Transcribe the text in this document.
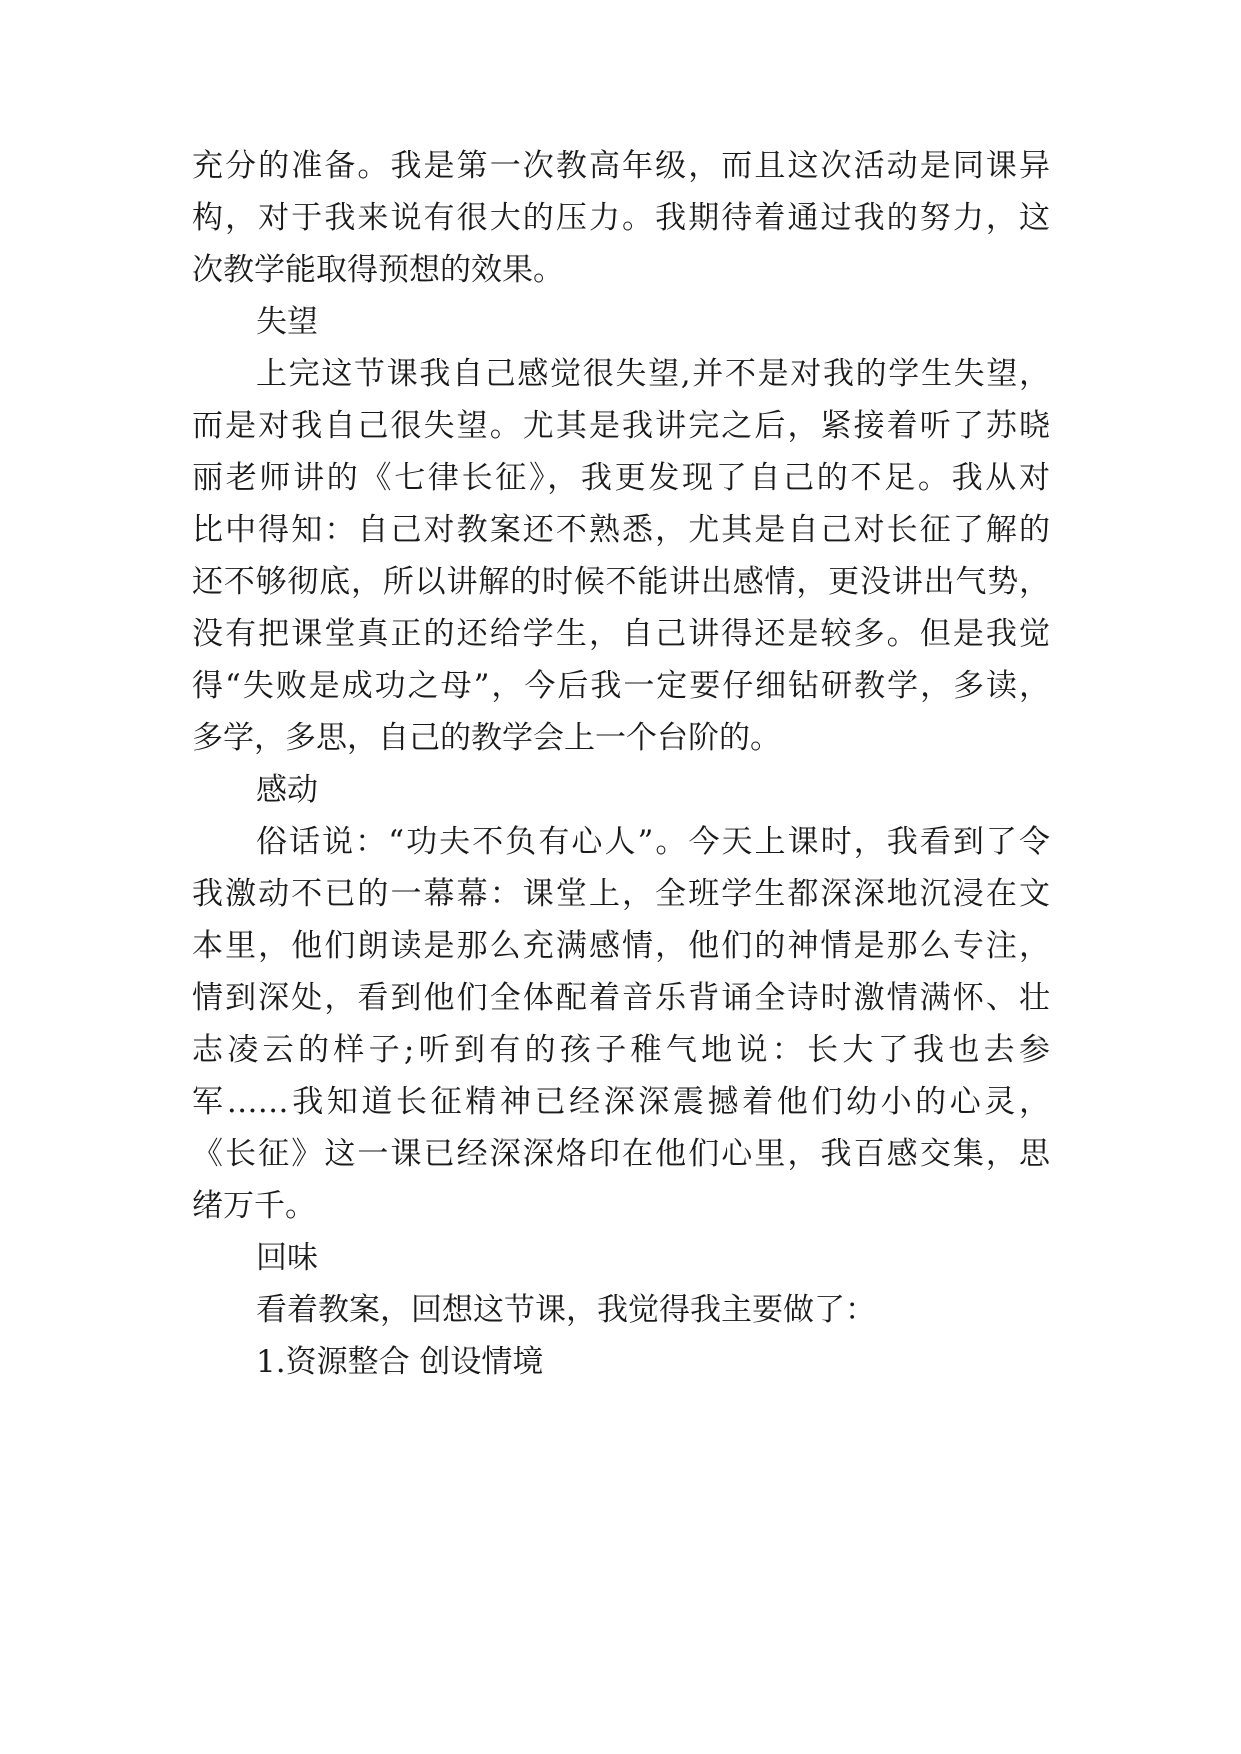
充分的准备。我是第一次教高年级，而且这次活动是同课异
构，对于我来说有很大的压力。我期待着通过我的努力，这
次教学能取得预想的效果。
失望
上完这节课我自己感觉很失望,并不是对我的学生失望，
而是对我自己很失望。尤其是我讲完之后，紧接着听了苏晓
丽老师讲的《七律长征》，我更发现了自己的不足。我从对
比中得知：自己对教案还不熟悉，尤其是自己对长征了解的
还不够彻底，所以讲解的时候不能讲出感情，更没讲出气势，
没有把课堂真正的还给学生，自己讲得还是较多。但是我觉
得“失败是成功之母”，今后我一定要仔细钻研教学，多读，
多学，多思，自己的教学会上一个台阶的。
感动
俗话说：“功夫不负有心人”。今天上课时，我看到了令
我激动不已的一幕幕：课堂上，全班学生都深深地沉浸在文
本里，他们朗读是那么充满感情，他们的神情是那么专注，
情到深处，看到他们全体配着音乐背诵全诗时激情满怀、壮
志凌云的样子;听到有的孩子稚气地说：长大了我也去参
军……我知道长征精神已经深深震撼着他们幼小的心灵，
《长征》这一课已经深深烙印在他们心里，我百感交集，思
绪万千。
回味
看着教案，回想这节课，我觉得我主要做了：
1.资源整合 创设情境
